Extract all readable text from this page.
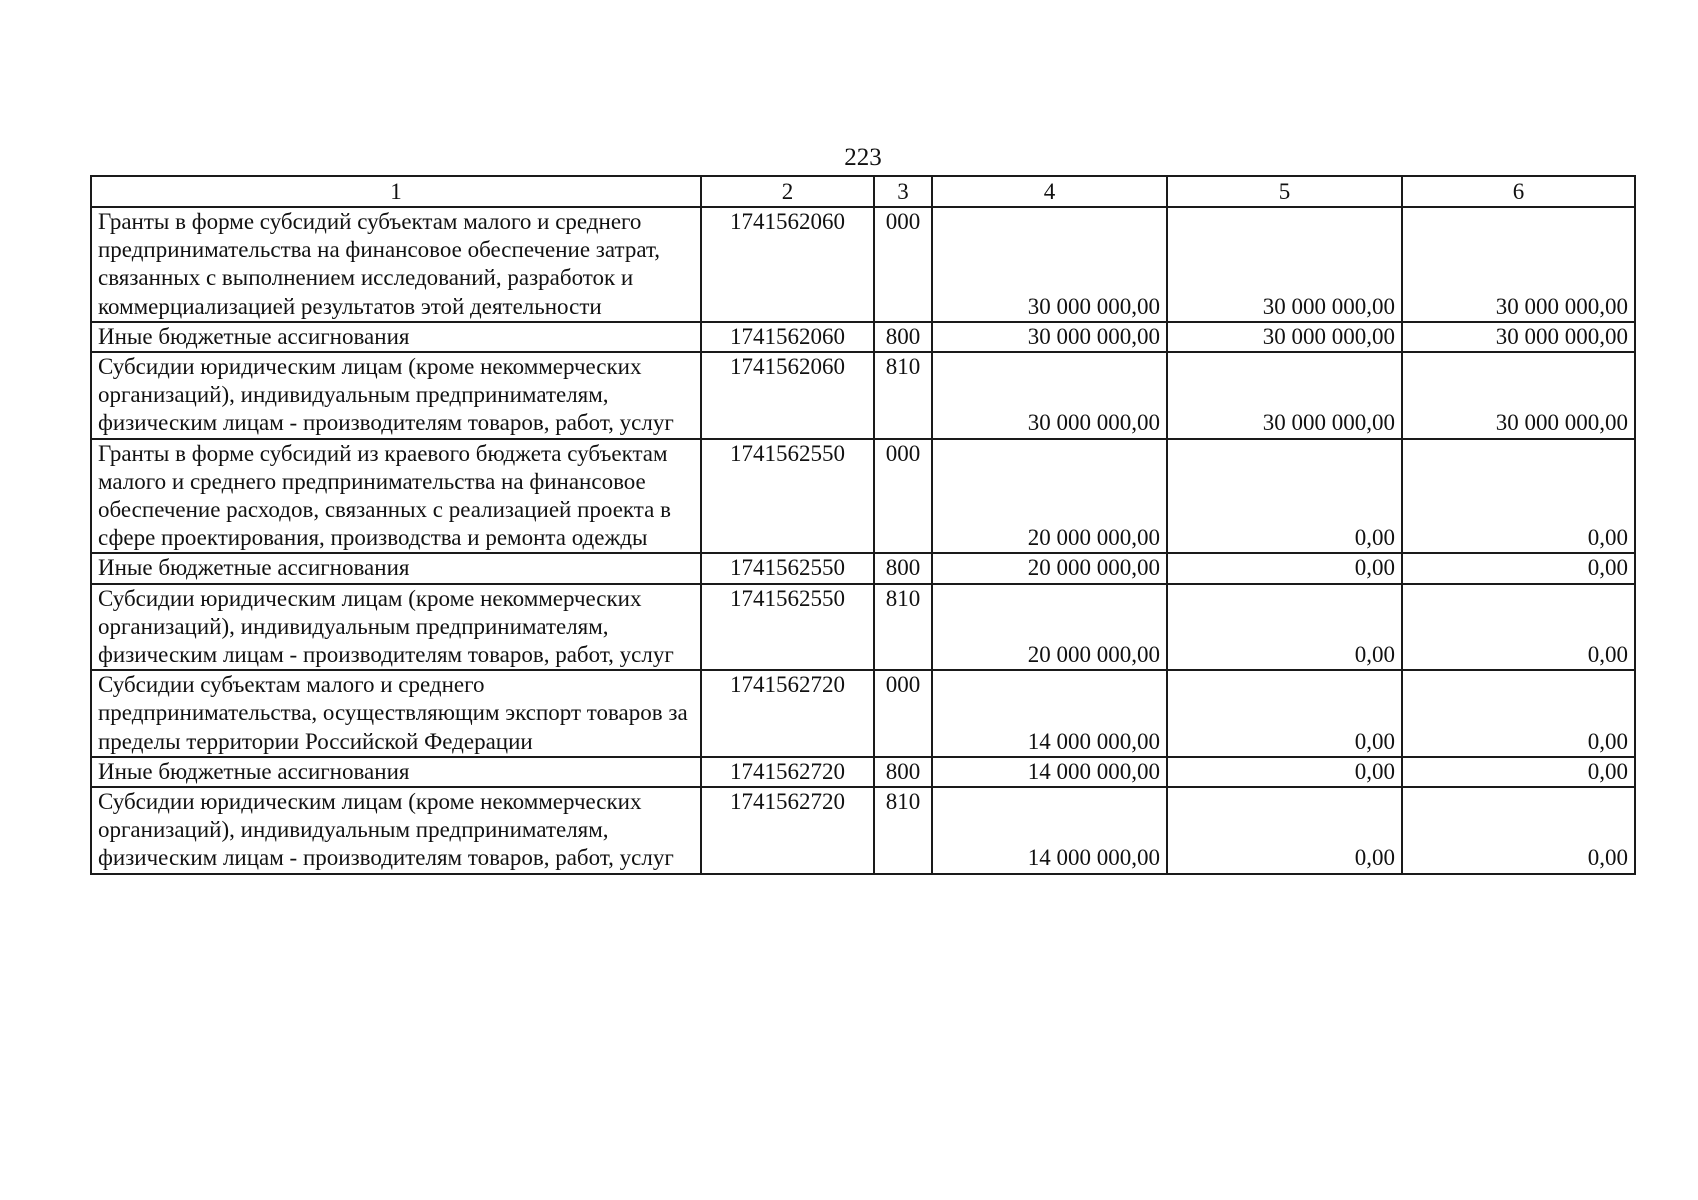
223
1	2	3	4	5	6
Гранты в форме субсидий субъектам малого и среднего предпринимательства на финансовое обеспечение затрат, связанных с выполнением исследований, разработок и коммерциализацией результатов этой деятельности	1741562060	000	30 000 000,00	30 000 000,00	30 000 000,00
Иные бюджетные ассигнования	1741562060	800	30 000 000,00	30 000 000,00	30 000 000,00
Субсидии юридическим лицам (кроме некоммерческих организаций), индивидуальным предпринимателям, физическим лицам - производителям товаров, работ, услуг	1741562060	810	30 000 000,00	30 000 000,00	30 000 000,00
Гранты в форме субсидий из краевого бюджета субъектам малого и среднего предпринимательства на финансовое обеспечение расходов, связанных с реализацией проекта в сфере проектирования, производства и ремонта одежды	1741562550	000	20 000 000,00	0,00	0,00
Иные бюджетные ассигнования	1741562550	800	20 000 000,00	0,00	0,00
Субсидии юридическим лицам (кроме некоммерческих организаций), индивидуальным предпринимателям, физическим лицам - производителям товаров, работ, услуг	1741562550	810	20 000 000,00	0,00	0,00
Субсидии субъектам малого и среднего предпринимательства, осуществляющим экспорт товаров за пределы территории Российской Федерации	1741562720	000	14 000 000,00	0,00	0,00
Иные бюджетные ассигнования	1741562720	800	14 000 000,00	0,00	0,00
Субсидии юридическим лицам (кроме некоммерческих организаций), индивидуальным предпринимателям, физическим лицам - производителям товаров, работ, услуг	1741562720	810	14 000 000,00	0,00	0,00
